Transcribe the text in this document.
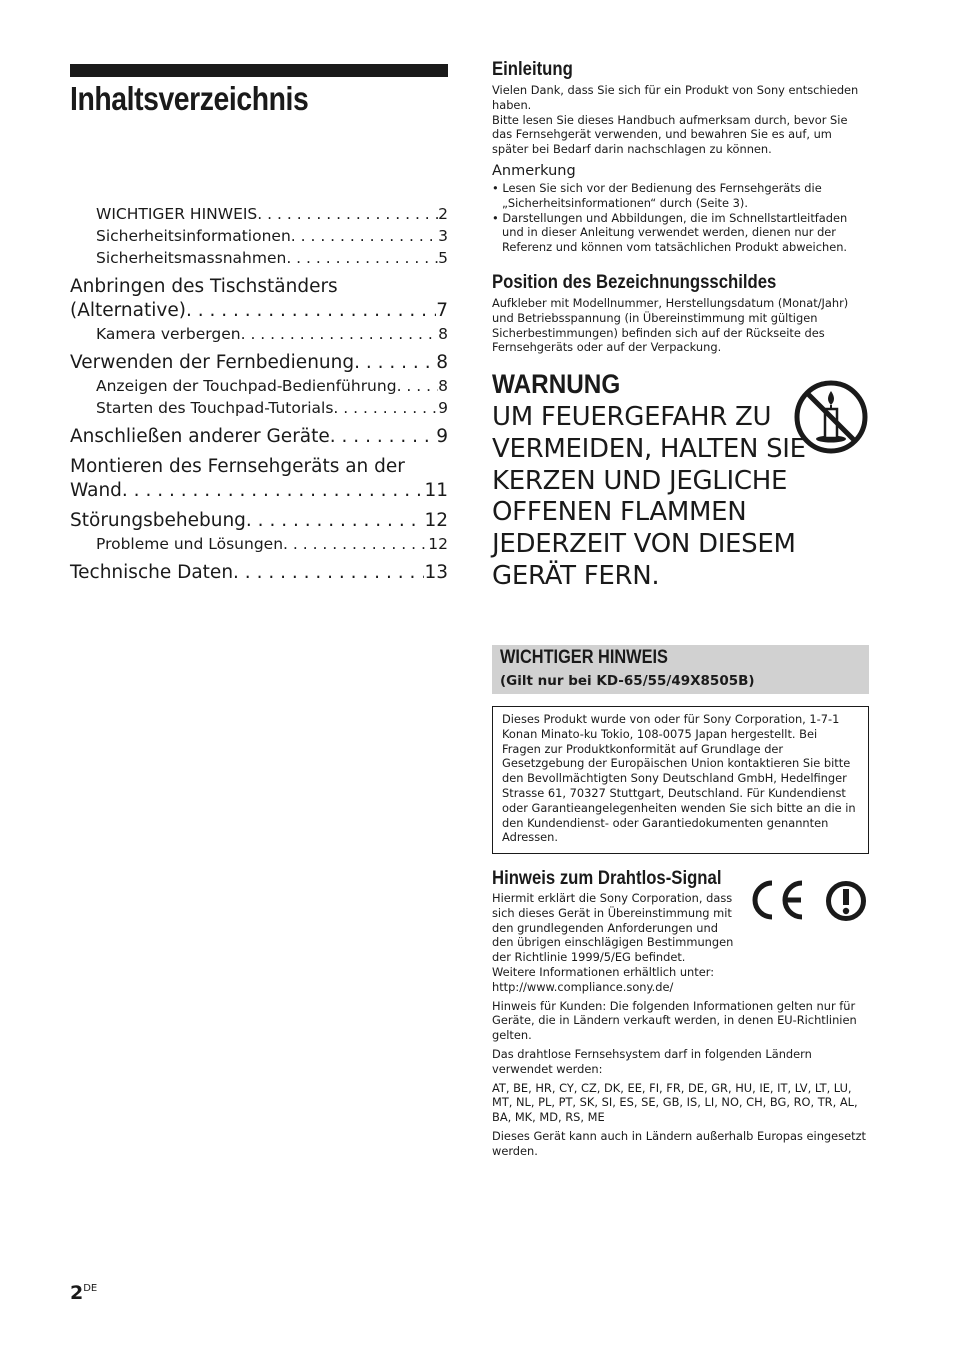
Inhaltsverzeichnis
WICHTIGER HINWEIS . . .	2
Sicherheitsinformationen . . .	3
Sicherheitsmassnahmen . . .	5
Anbringen des Tischständers
(Alternative) . . .	7
Kamera verbergen . . .	8
Verwenden der Fernbedienung . . .	8
Anzeigen der Touchpad-Bedienführung . . .	8
Starten des Touchpad-Tutorials . . .	9
Anschließen anderer Geräte . . .	9
Montieren des Fernsehgeräts an der
Wand . . .	11
Störungsbehebung . . .	12
Probleme und Lösungen . . .	12
Technische Daten . . .	13
Einleitung
Vielen Dank, dass Sie sich für ein Produkt von Sony entschieden haben.
Bitte lesen Sie dieses Handbuch aufmerksam durch, bevor Sie das Fernsehgerät verwenden, und bewahren Sie es auf, um später bei Bedarf darin nachschlagen zu können.
Anmerkung
• Lesen Sie sich vor der Bedienung des Fernsehgeräts die „Sicherheitsinformationen“ durch (Seite 3).
• Darstellungen und Abbildungen, die im Schnellstartleitfaden und in dieser Anleitung verwendet werden, dienen nur der Referenz und können vom tatsächlichen Produkt abweichen.
Position des Bezeichnungsschildes
Aufkleber mit Modellnummer, Herstellungsdatum (Monat/Jahr) und Betriebsspannung (in Übereinstimmung mit gültigen Sicherbestimmungen) befinden sich auf der Rückseite des Fernsehgeräts oder auf der Verpackung.
WARNUNG
UM FEUERGEFAHR ZU VERMEIDEN, HALTEN SIE KERZEN UND JEGLICHE OFFENEN FLAMMEN JEDERZEIT VON DIESEM GERÄT FERN.
WICHTIGER HINWEIS
(Gilt nur bei KD-65/55/49X8505B)
Dieses Produkt wurde von oder für Sony Corporation, 1-7-1 Konan Minato-ku Tokio, 108-0075 Japan hergestellt. Bei Fragen zur Produktkonformität auf Grundlage der Gesetzgebung der Europäischen Union kontaktieren Sie bitte den Bevollmächtigten Sony Deutschland GmbH, Hedelfinger Strasse 61, 70327 Stuttgart, Deutschland. Für Kundendienst oder Garantieangelegenheiten wenden Sie sich bitte an die in den Kundendienst- oder Garantiedokumenten genannten Adressen.
Hinweis zum Drahtlos-Signal
Hiermit erklärt die Sony Corporation, dass sich dieses Gerät in Übereinstimmung mit den grundlegenden Anforderungen und den übrigen einschlägigen Bestimmungen der Richtlinie 1999/5/EG befindet.
Weitere Informationen erhältlich unter:
http://www.compliance.sony.de/
Hinweis für Kunden: Die folgenden Informationen gelten nur für Geräte, die in Ländern verkauft werden, in denen EU-Richtlinien gelten.
Das drahtlose Fernsehsystem darf in folgenden Ländern verwendet werden:
AT, BE, HR, CY, CZ, DK, EE, FI, FR, DE, GR, HU, IE, IT, LV, LT, LU, MT, NL, PL, PT, SK, SI, ES, SE, GB, IS, LI, NO, CH, BG, RO, TR, AL, BA, MK, MD, RS, ME
Dieses Gerät kann auch in Ländern außerhalb Europas eingesetzt werden.
2DE
